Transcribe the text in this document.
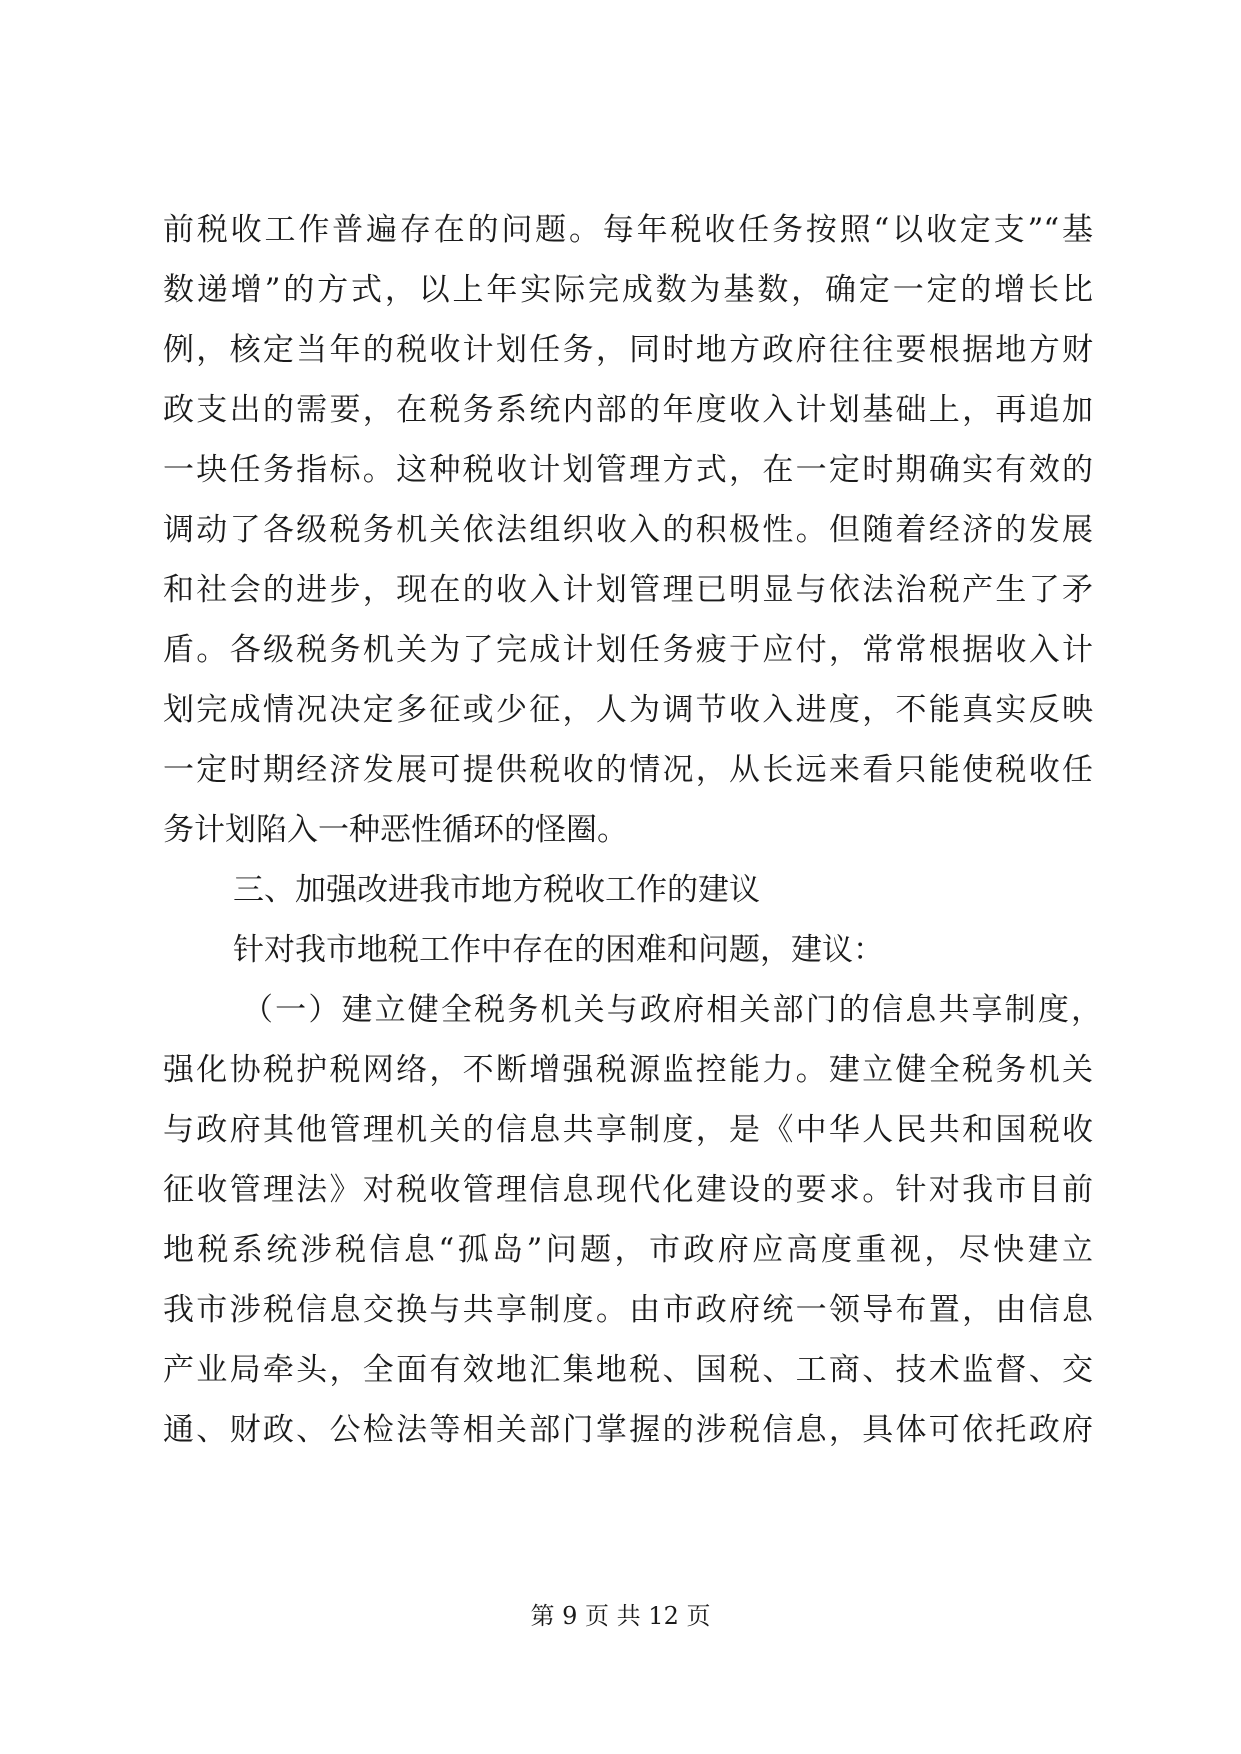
前税收工作普遍存在的问题。每年税收任务按照“以收定支”“基
数递增”的方式，以上年实际完成数为基数，确定一定的增长比
例，核定当年的税收计划任务，同时地方政府往往要根据地方财
政支出的需要，在税务系统内部的年度收入计划基础上，再追加
一块任务指标。这种税收计划管理方式，在一定时期确实有效的
调动了各级税务机关依法组织收入的积极性。但随着经济的发展
和社会的进步，现在的收入计划管理已明显与依法治税产生了矛
盾。各级税务机关为了完成计划任务疲于应付，常常根据收入计
划完成情况决定多征或少征，人为调节收入进度，不能真实反映
一定时期经济发展可提供税收的情况，从长远来看只能使税收任
务计划陷入一种恶性循环的怪圈。
三、加强改进我市地方税收工作的建议
针对我市地税工作中存在的困难和问题，建议：
（一）建立健全税务机关与政府相关部门的信息共享制度，
强化协税护税网络，不断增强税源监控能力。建立健全税务机关
与政府其他管理机关的信息共享制度，是《中华人民共和国税收
征收管理法》对税收管理信息现代化建设的要求。针对我市目前
地税系统涉税信息“孤岛”问题，市政府应高度重视，尽快建立
我市涉税信息交换与共享制度。由市政府统一领导布置，由信息
产业局牵头，全面有效地汇集地税、国税、工商、技术监督、交
通、财政、公检法等相关部门掌握的涉税信息，具体可依托政府
第 9 页 共 12 页
